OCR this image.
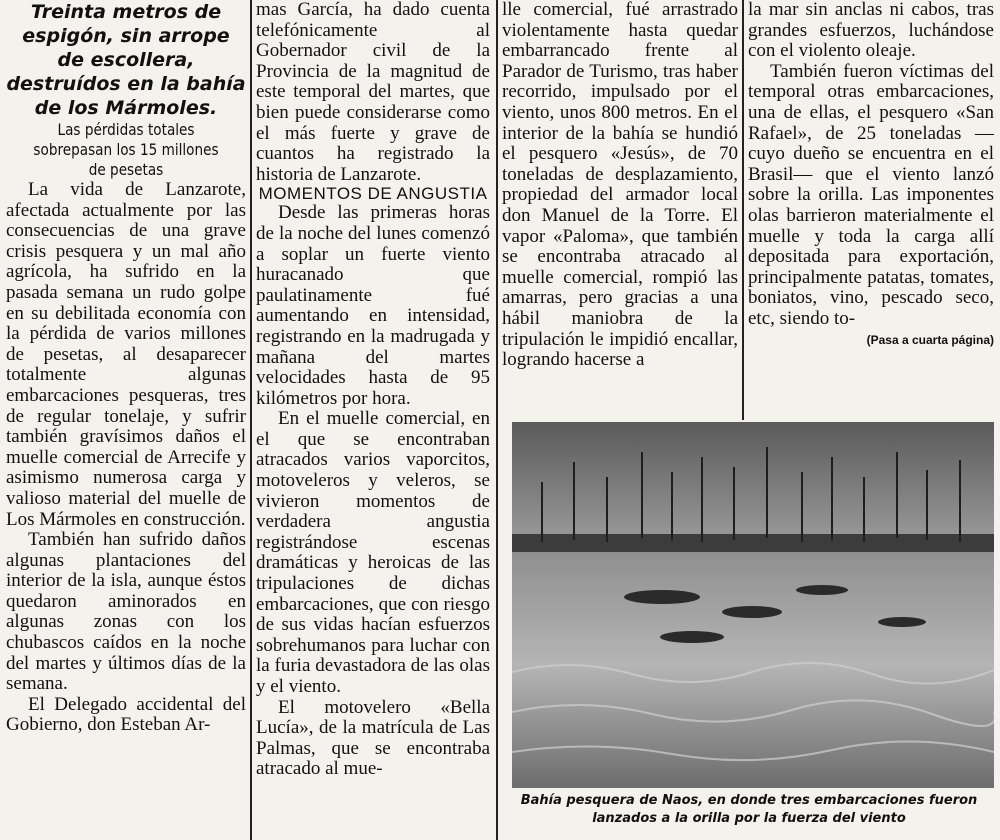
Treinta metros de espigón, sin arrope de escollera, destruídos en la bahía de los Mármoles.

Las pérdidas totales sobrepasan los 15 millones de pesetas

La vida de Lanzarote, afectada actualmente por las consecuencias de una grave crisis pesquera y un mal año agrícola, ha sufrido en la pasada semana un rudo golpe en su debilitada economía con la pérdida de varios millones de pesetas, al desaparecer totalmente algunas embarcaciones pesqueras, tres de regular tonelaje, y sufrir también gravísimos daños el muelle comercial de Arrecife y asimismo numerosa carga y valioso material del muelle de Los Mármoles en construcción.

También han sufrido daños algunas plantaciones del interior de la isla, aunque éstos quedaron aminorados en algunas zonas con los chubascos caídos en la noche del martes y últimos días de la semana.

El Delegado accidental del Gobierno, don Esteban Ar-

mas García, ha dado cuenta telefónicamente al Gobernador civil de la Provincia de la magnitud de este temporal del martes, que bien puede considerarse como el más fuerte y grave de cuantos ha registrado la historia de Lanzarote.

MOMENTOS DE ANGUSTIA

Desde las primeras horas de la noche del lunes comenzó a soplar un fuerte viento huracanado que paulatinamente fué aumentando en intensidad, registrando en la madrugada y mañana del martes velocidades hasta de 95 kilómetros por hora.

En el muelle comercial, en el que se encontraban atracados varios vaporcitos, motoveleros y veleros, se vivieron momentos de verdadera angustia registrándose escenas dramáticas y heroicas de las tripulaciones de dichas embarcaciones, que con riesgo de sus vidas hacían esfuerzos sobrehumanos para luchar con la furia devastadora de las olas y el viento.

El motovelero «Bella Lucía», de la matrícula de Las Palmas, que se encontraba atracado al mue-

lle comercial, fué arrastrado violentamente hasta quedar embarrancado frente al Parador de Turismo, tras haber recorrido, impulsado por el viento, unos 800 metros. En el interior de la bahía se hundió el pesquero «Jesús», de 70 toneladas de desplazamiento, propiedad del armador local don Manuel de la Torre. El vapor «Paloma», que también se encontraba atracado al muelle comercial, rompió las amarras, pero gracias a una hábil maniobra de la tripulación le impidió encallar, logrando hacerse a

la mar sin anclas ni cabos, tras grandes esfuerzos, luchándose con el violento oleaje.

También fueron víctimas del temporal otras embarcaciones, una de ellas, el pesquero «San Rafael», de 25 toneladas —cuyo dueño se encuentra en el Brasil— que el viento lanzó sobre la orilla. Las imponentes olas barrieron materialmente el muelle y toda la carga allí depositada para exportación, principalmente patatas, tomates, boniatos, vino, pescado seco, etc, siendo to-

(Pasa a cuarta página)

Bahía pesquera de Naos, en donde tres embarcaciones fueron lanzados a la orilla por la fuerza del viento
